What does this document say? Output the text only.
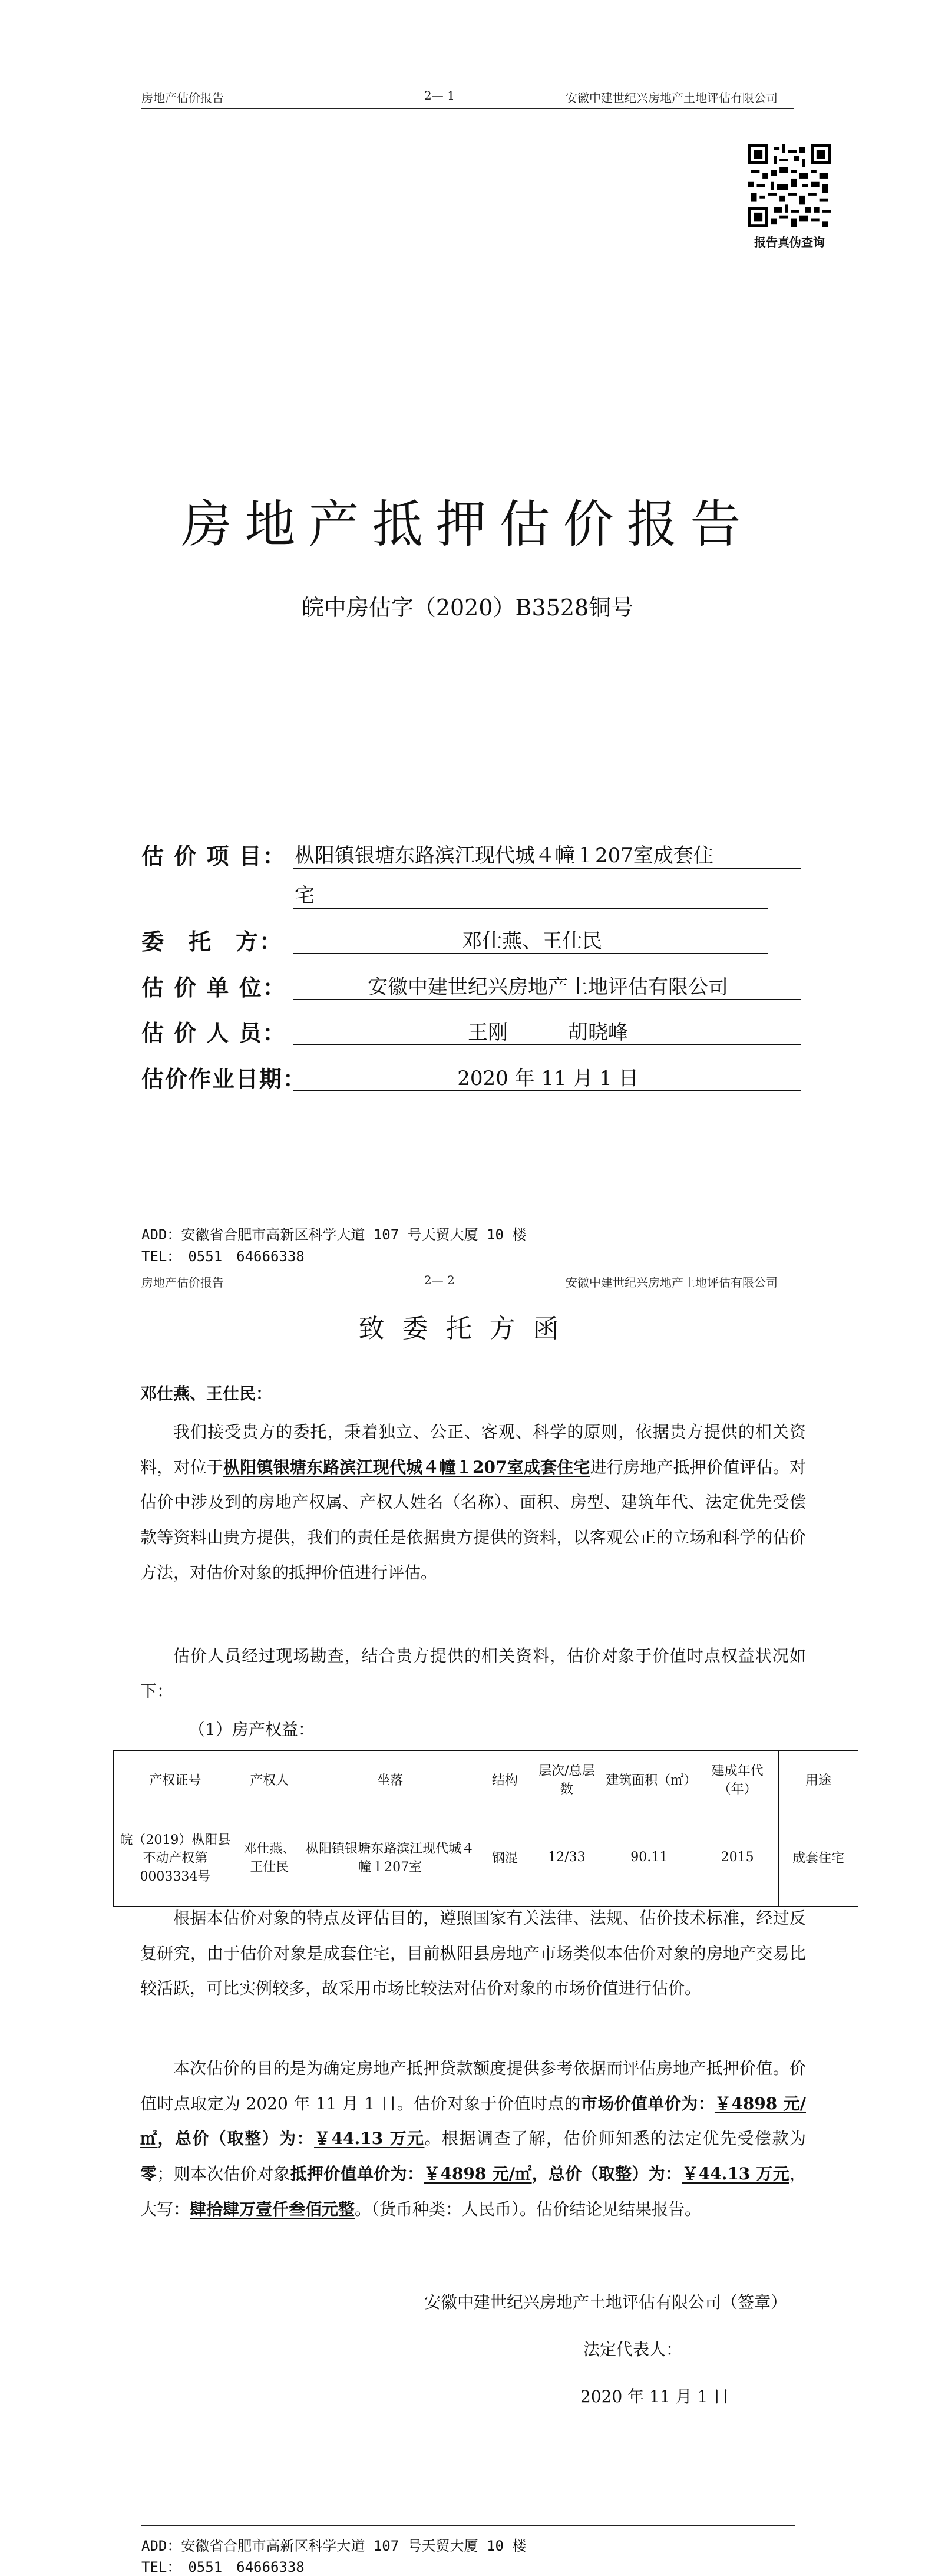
房地产估价报告	2— 1	安徽中建世纪兴房地产土地评估有限公司
报告真伪查询
房地产抵押估价报告
皖中房估字（2020）B3528铜号
估 价 项 目： 枞阳镇银塘东路滨江现代城４幢１207室成套住
宅
委　托　方：	邓仕燕、王仕民
估 价 单 位：	安徽中建世纪兴房地产土地评估有限公司
估 价 人 员：	王刚　　　胡晓峰
估价作业日期：	2020 年 11 月 1 日
ADD：安徽省合肥市高新区科学大道 107 号天贸大厦 10 楼
TEL：　0551－64666338
房地产估价报告	2— 2	安徽中建世纪兴房地产土地评估有限公司
致委托方函
邓仕燕、王仕民：
我们接受贵方的委托，秉着独立、公正、客观、科学的原则，依据贵方提供的相关资料，对位于枞阳镇银塘东路滨江现代城４幢１207室成套住宅进行房地产抵押价值评估。对估价中涉及到的房地产权属、产权人姓名（名称）、面积、房型、建筑年代、法定优先受偿款等资料由贵方提供，我们的责任是依据贵方提供的资料，以客观公正的立场和科学的估价方法，对估价对象的抵押价值进行评估。
估价人员经过现场勘查，结合贵方提供的相关资料，估价对象于价值时点权益状况如下：
（1）房产权益：
产权证号	产权人	坐落	结构	层次/总层数	建筑面积（㎡）	建成年代（年）	用途
皖（2019）枞阳县不动产权第0003334号	邓仕燕、王仕民	枞阳镇银塘东路滨江现代城４幢１207室	钢混	12/33	90.11	2015	成套住宅
根据本估价对象的特点及评估目的，遵照国家有关法律、法规、估价技术标准，经过反复研究，由于估价对象是成套住宅，目前枞阳县房地产市场类似本估价对象的房地产交易比较活跃，可比实例较多，故采用市场比较法对估价对象的市场价值进行估价。
本次估价的目的是为确定房地产抵押贷款额度提供参考依据而评估房地产抵押价值。价值时点取定为 2020 年 11 月 1 日。估价对象于价值时点的市场价值单价为：￥4898 元/㎡，总价（取整）为：￥44.13 万元。根据调查了解，估价师知悉的法定优先受偿款为零；则本次估价对象抵押价值单价为：￥4898 元/㎡，总价（取整）为：￥44.13 万元，大写：肆拾肆万壹仟叁佰元整。（货币种类：人民币）。估价结论见结果报告。
安徽中建世纪兴房地产土地评估有限公司（签章）
法定代表人：
2020 年 11 月 1 日
ADD：安徽省合肥市高新区科学大道 107 号天贸大厦 10 楼
TEL：　0551－64666338
